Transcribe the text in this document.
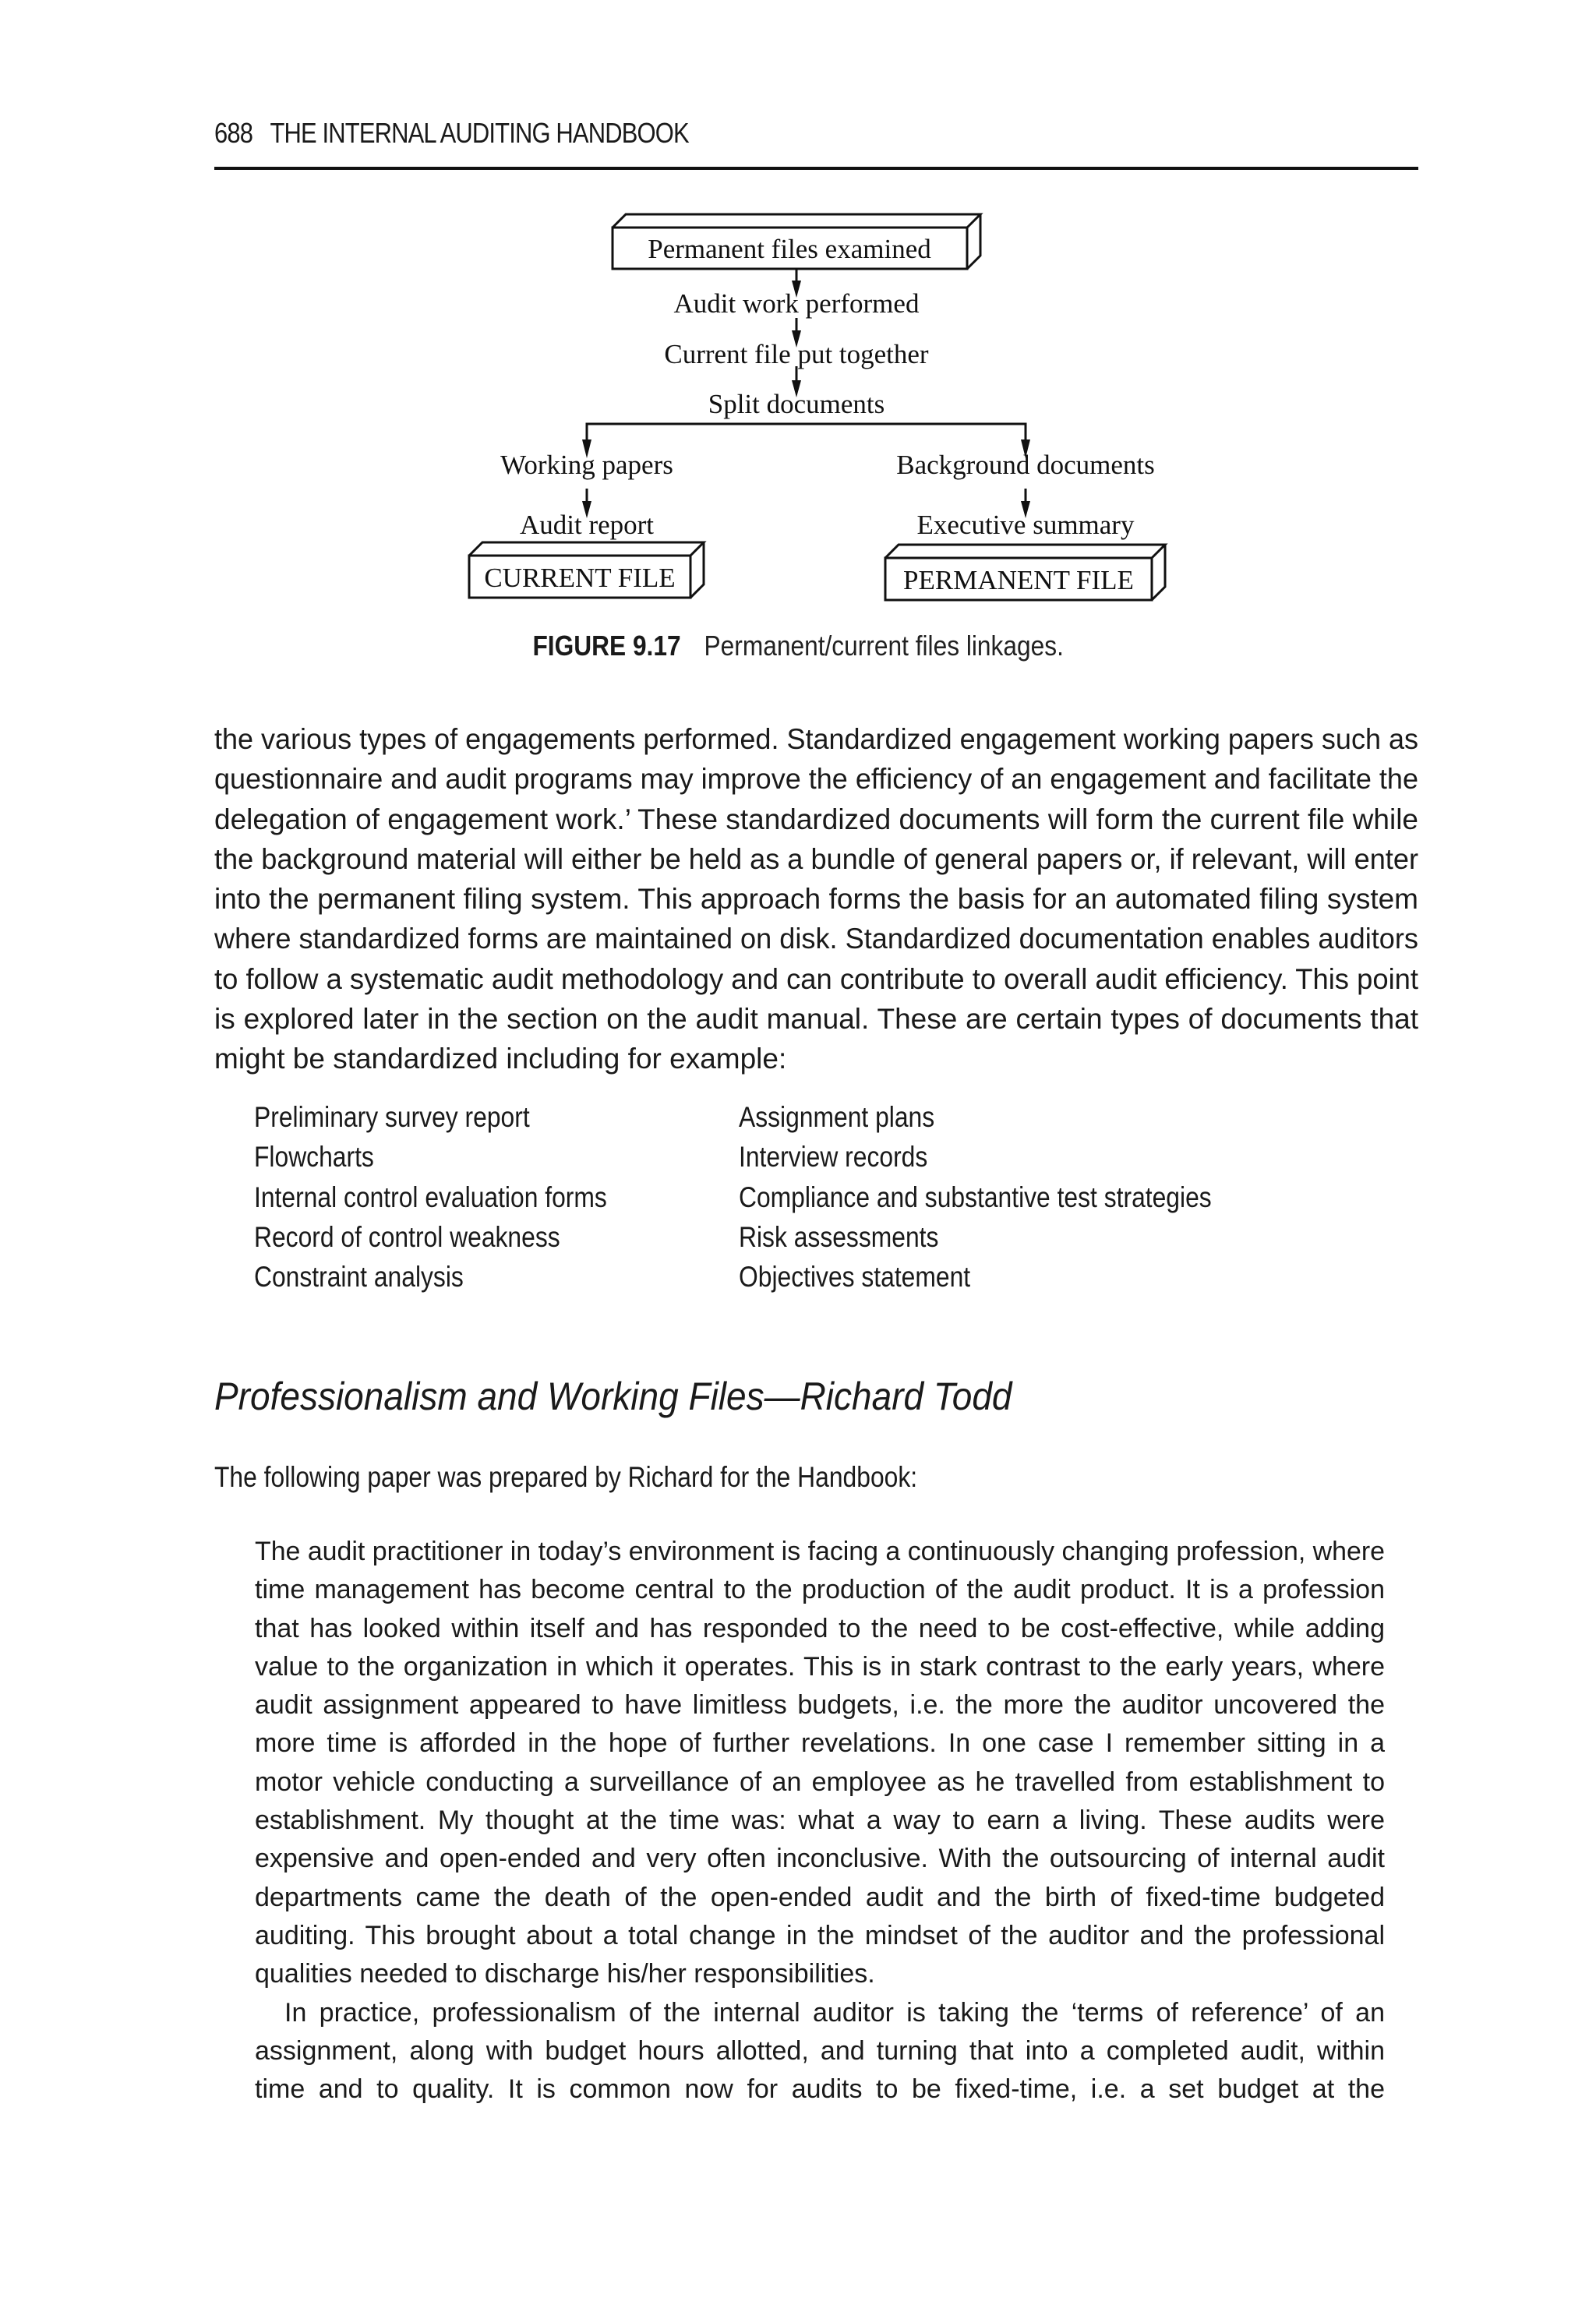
688 THE INTERNAL AUDITING HANDBOOK
Permanent files examined
Audit work performed
Current file put together
Split documents
Working papers	Background documents
Audit report	Executive summary
CURRENT FILE	PERMANENT FILE
FIGURE 9.17 Permanent/current files linkages.
the various types of engagements performed. Standardized engagement working papers such as
questionnaire and audit programs may improve the efficiency of an engagement and facilitate the
delegation of engagement work.’ These standardized documents will form the current file while
the background material will either be held as a bundle of general papers or, if relevant, will enter
into the permanent filing system. This approach forms the basis for an automated filing system
where standardized forms are maintained on disk. Standardized documentation enables auditors
to follow a systematic audit methodology and can contribute to overall audit efficiency. This point
is explored later in the section on the audit manual. These are certain types of documents that
might be standardized including for example:
Preliminary survey report	Assignment plans
Flowcharts	Interview records
Internal control evaluation forms	Compliance and substantive test strategies
Record of control weakness	Risk assessments
Constraint analysis	Objectives statement
Professionalism and Working Files—Richard Todd
The following paper was prepared by Richard for the Handbook:
The audit practitioner in today’s environment is facing a continuously changing profession, where
time management has become central to the production of the audit product. It is a profession
that has looked within itself and has responded to the need to be cost-effective, while adding
value to the organization in which it operates. This is in stark contrast to the early years, where
audit assignment appeared to have limitless budgets, i.e. the more the auditor uncovered the
more time is afforded in the hope of further revelations. In one case I remember sitting in a
motor vehicle conducting a surveillance of an employee as he travelled from establishment to
establishment. My thought at the time was: what a way to earn a living. These audits were
expensive and open-ended and very often inconclusive. With the outsourcing of internal audit
departments came the death of the open-ended audit and the birth of fixed-time budgeted
auditing. This brought about a total change in the mindset of the auditor and the professional
qualities needed to discharge his/her responsibilities.
In practice, professionalism of the internal auditor is taking the ‘terms of reference’ of an
assignment, along with budget hours allotted, and turning that into a completed audit, within
time and to quality. It is common now for audits to be fixed-time, i.e. a set budget at the
